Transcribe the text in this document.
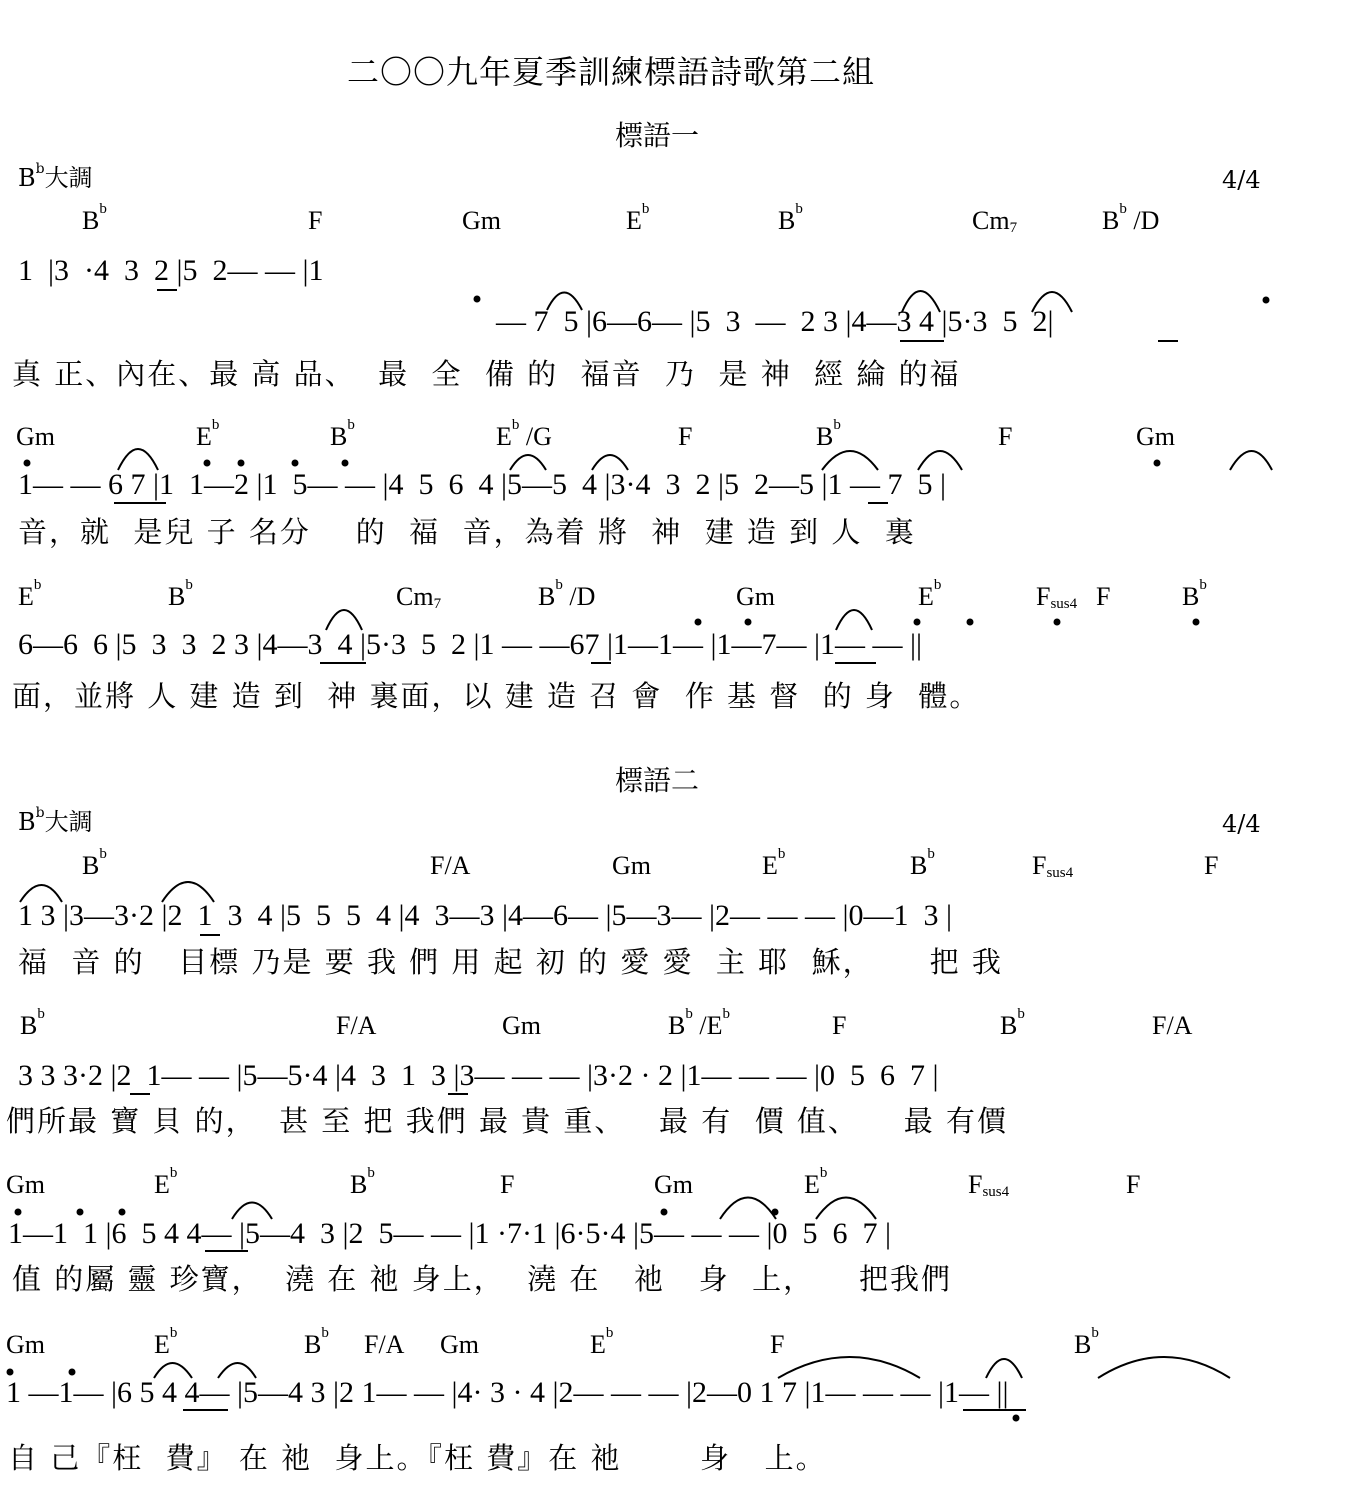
二〇〇九年夏季訓練標語詩歌第二組
標語一
$B^b$大調	4/4
$B^b$	F	Gm	$E^b$	$B^b$	$Cm_7$	$B^b$ /D
Gm	$E^b$	$B^b$	$E^b$ /G	F	$B^b$	F	Gm
$E^b$	$B^b$	$Cm_7$	$B^b$ /D	Gm	$E^b$	$F_{sus4}$ F	$B^b$
$B^b$	F/A	Gm	$E^b$	$B^b$	$F_{sus4}$	F
$B^b$	F/A	Gm	$B^b$ $/E^b$	F	$B^b$	F/A
Gm	$E^b$	$B^b$	F	Gm	$E^b$	$F_{sus4}$	F
Gm	$E^b$	$B^b$ F/A Gm	$E^b$	F	$B^b$
1  |3  ·4  3  2 |5  2— — |1
— 7  5 |6—6— |5  3  —  2 3 |4—3 4 |5·3  5  2|
真 正、內在、最 高 品、  最  全  備 的  福音  乃  是 神  經 綸 的福
1— — 6 7 |1  1—2 |1  5— — |4  5  6  4 |5—5  4 |3·4  3  2 |5  2—5 |1 — 7  5 |
音，就  是兒 子 名分    的  福  音，為着 將  神  建 造 到 人  裏
6—6  6 |5  3  3  2 3 |4—3  4 |5·3  5  2 |1 — —67 |1—1— |1—7— |1— — ||
面，並將 人 建 造 到  神 裏面，以 建 造 召 會  作 基 督  的 身  體。
標語二
$B^b$大調	4/4
1 3 |3—3·2 |2  1  3  4 |5  5  5  4 |4  3—3 |4—6— |5—3— |2— — — |0—1  3 |
福  音 的   目標 乃是 要 我 們 用 起 初 的 愛 愛  主 耶  穌，     把 我
3 3 3·2 |2  1— — |5—5·4 |4  3  1  3 |3— — — |3·2 · 2 |1— — — |0  5  6  7 |
們所最 寶 貝 的，  甚 至 把 我們 最 貴 重、   最 有  價 值、    最 有價
1—1  1 |6  5 4 4— |5—4  3 |2  5— — |1 ·7·1 |6·5·4 |5— — — |0  5  6  7 |
值 的屬 靈 珍寶，  澆 在 祂 身上，  澆 在   祂   身  上，    把我們
1 —1— |6 5 4 4— |5—4 3 |2 1— — |4· 3 · 4 |2— — — |2—0 1 7 |1— — — |1— ||
自 己『枉  費』 在 祂  身上。『枉 費』在 祂       身   上。
